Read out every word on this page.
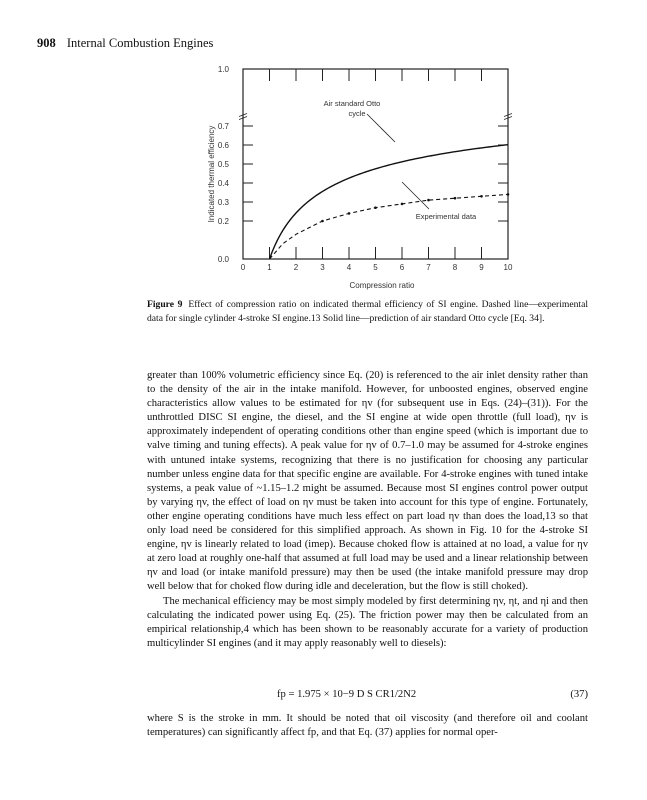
908 Internal Combustion Engines
0	1	2	3	4	5	6	7	8	9 10
0.0
0.2
0.3
0.4
0.5
0.6
0.7
1.0
Compression ratio
Indicated thermal efficiency
Air standard Otto
cycle
Experimental data
Figure 9 Effect of compression ratio on indicated thermal efficiency of SI engine. Dashed line—experimental data for single cylinder 4-stroke SI engine.13 Solid line—prediction of air standard Otto cycle [Eq. 34].

greater than 100% volumetric efficiency since Eq. (20) is referenced to the air inlet density rather than to the density of the air in the intake manifold. However, for unboosted engines, observed engine characteristics allow values to be estimated for ηv (for subsequent use in Eqs. (24)–(31)). For the unthrottled DISC SI engine, the diesel, and the SI engine at wide open throttle (full load), ηv is approximately independent of operating conditions other than engine speed (which is important due to valve timing and tuning effects). A peak value for ηv of 0.7–1.0 may be assumed for 4-stroke engines with untuned intake systems, recognizing that there is no justification for choosing any particular number unless engine data for that specific engine are available. For 4-stroke engines with tuned intake systems, a peak value of ~1.15–1.2 might be assumed. Because most SI engines control power output by varying ηv, the effect of load on ηv must be taken into account for this type of engine. Fortunately, other engine operating conditions have much less effect on part load ηv than does the load,13 so that only load need be considered for this simplified approach. As shown in Fig. 10 for the 4-stroke SI engine, ηv is linearly related to load (imep). Because choked flow is attained at no load, a value for ηv at zero load at roughly one-half that assumed at full load may be used and a linear relationship between ηv and load (or intake manifold pressure) may then be used (the intake manifold pressure may drop well below that for choked flow during idle and deceleration, but the flow is still choked).

The mechanical efficiency may be most simply modeled by first determining ηv, ηt, and ηi and then calculating the indicated power using Eq. (25). The friction power may then be calculated from an empirical relationship,4 which has been shown to be reasonably accurate for a variety of production multicylinder SI engines (and it may apply reasonably well to diesels):

fp = 1.975 × 10−9 D S CR1/2N2	(37)

where S is the stroke in mm. It should be noted that oil viscosity (and therefore oil and coolant temperatures) can significantly affect fp, and that Eq. (37) applies for normal oper-
